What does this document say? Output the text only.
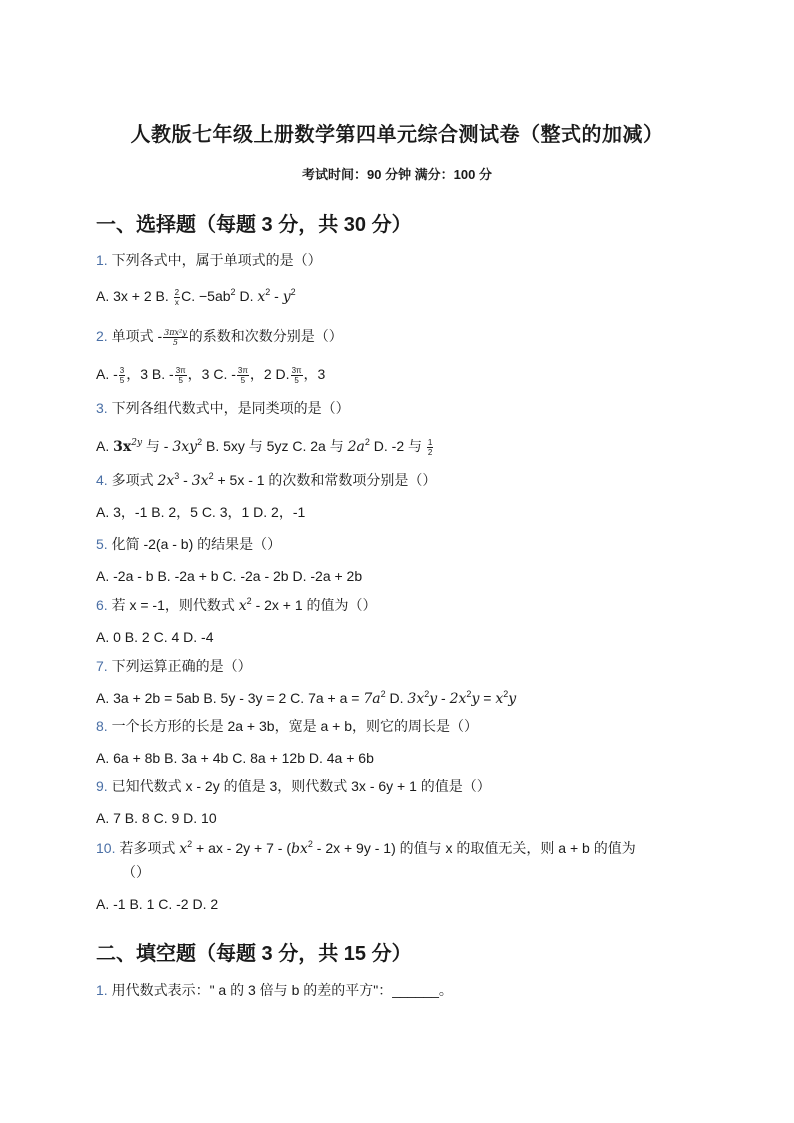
人教版七年级上册数学第四单元综合测试卷（整式的加减）
考试时间：90 分钟 满分：100 分
一、选择题（每题 3 分，共 30 分）
1. 下列各式中，属于单项式的是（）
A. 3x + 2 B. $\frac{2}{x} C$. $-5ab^2$ D. $x^2 - y^2$
2. 单项式 - $\frac{\text{3πx²y}}{5}$ 的系数和次数分别是（）
A. - $\frac{3}{5}$ ，3 B. - $\frac{3\pi}{5}$ ，3 C. - $\frac{3\pi}{5}$ ，2 D. $\frac{3\pi}{5}$ ，3
3. 下列各组代数式中，是同类项的是（）
A. $3x^{2y}$ 与 - $3xy^2$ B. 5xy 与 5yz C. 2a 与 $2a^2$ D. -2 与 $\frac{1}{2}$
4. 多项式 $2x^3 - 3x^2 + 5x - 1$ 的次数和常数项分别是（）
A. 3，-1 B. 2，5 C. 3，1 D. 2，-1
5. 化简 -2(a - b) 的结果是（）
A. -2a - b B. -2a + b C. -2a - 2b D. -2a + 2b
6. 若 x = -1，则代数式 $x^2 - 2x + 1$ 的值为（）
A. 0 B. 2 C. 4 D. -4
7. 下列运算正确的是（）
A. 3a + 2b = 5ab B. 5y - 3y = 2 C. $7a + a = 7a^2$ D. $3x^2y - 2x^2y = x^2y$
8. 一个长方形的长是 2a + 3b，宽是 a + b，则它的周长是（）
A. 6a + 8b B. 3a + 4b C. 8a + 12b D. 4a + 6b
9. 已知代数式 x - 2y 的值是 3，则代数式 3x - 6y + 1 的值是（）
A. 7 B. 8 C. 9 D. 10
10. 若多项式 $x^2$ + ax - $2y + 7 - (bx^2 - 2x + 9y - 1)$ 的值与 x 的取值无关，则 a + b 的值为
（）
A. -1 B. 1 C. -2 D. 2
二、填空题（每题 3 分，共 15 分）
1. 用代数式表示：" a 的 3 倍与 b 的差的平方"：______。
